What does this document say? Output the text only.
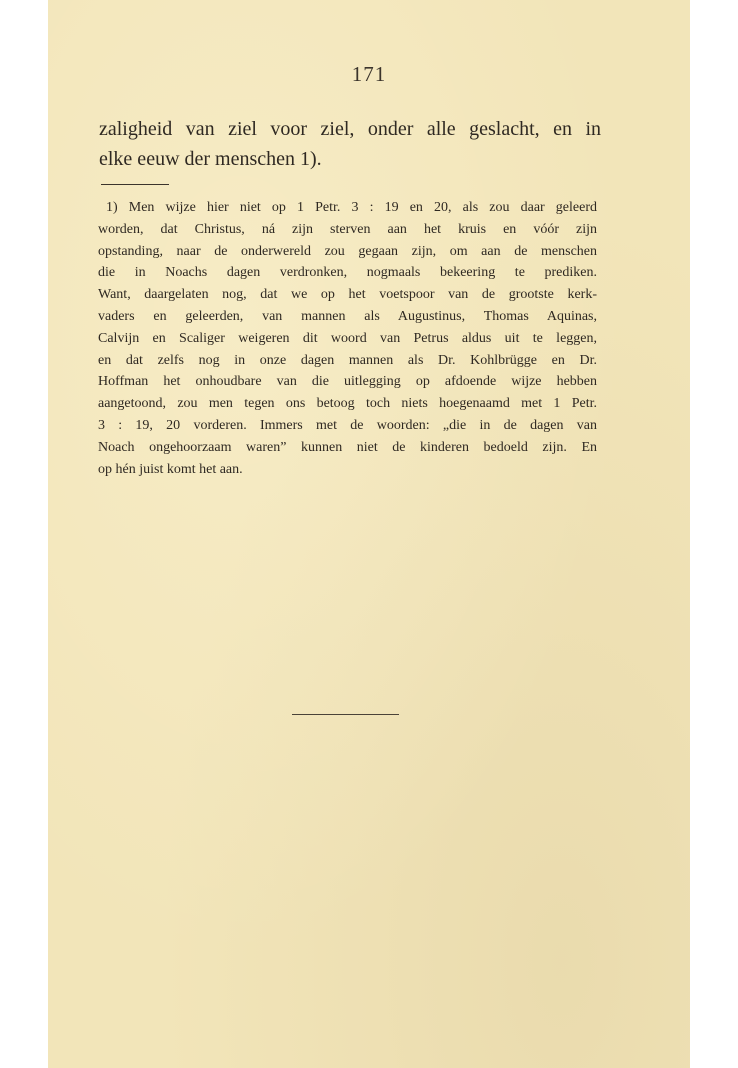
171
zaligheid van ziel voor ziel, onder alle geslacht, en in
elke eeuw der menschen 1).
1) Men wijze hier niet op 1 Petr. 3 : 19 en 20, als zou daar geleerd
worden, dat Christus, ná zijn sterven aan het kruis en vóór zijn
opstanding, naar de onderwereld zou gegaan zijn, om aan de menschen
die in Noachs dagen verdronken, nogmaals bekeering te prediken.
Want, daargelaten nog, dat we op het voetspoor van de grootste kerk-
vaders en geleerden, van mannen als Augustinus, Thomas Aquinas,
Calvijn en Scaliger weigeren dit woord van Petrus aldus uit te leggen,
en dat zelfs nog in onze dagen mannen als Dr. Kohlbrügge en Dr.
Hoffman het onhoudbare van die uitlegging op afdoende wijze hebben
aangetoond, zou men tegen ons betoog toch niets hoegenaamd met 1 Petr.
3 : 19, 20 vorderen. Immers met de woorden: „die in de dagen van
Noach ongehoorzaam waren” kunnen niet de kinderen bedoeld zijn. En
op hén juist komt het aan.
